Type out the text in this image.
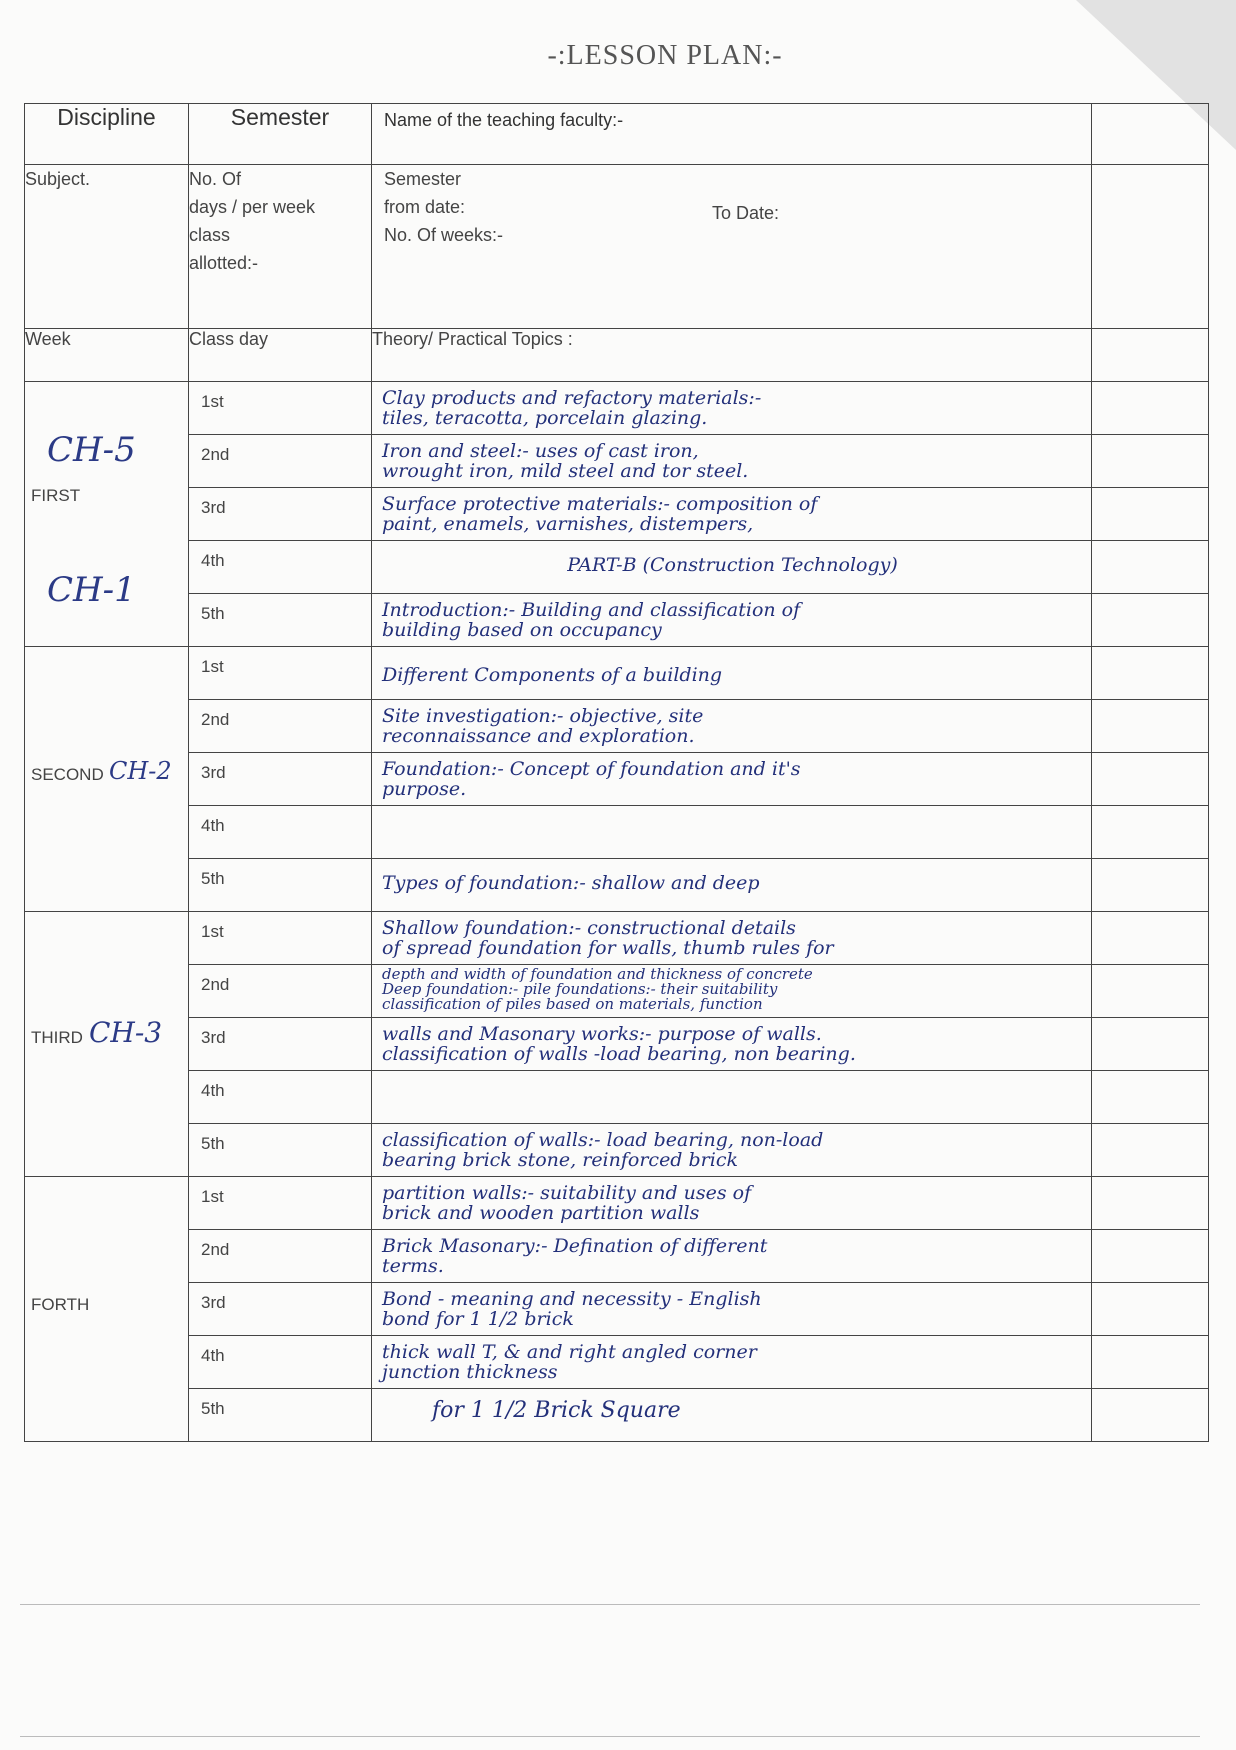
-:LESSON PLAN:-
Discipline	Semester	Name of the teaching faculty:-	
Subject.	No. Of
days / per week
class
allotted:-	Semester
from date:
No. Of weeks:-
To Date:	

Week	Class day	Theory/ Practical Topics :	

CH-5
FIRST
CH-1	1st	Clay products and refactory materials:-
tiles, teracotta, porcelain glazing.	

	2nd	Iron and steel:- uses of cast iron,
wrought iron, mild steel and tor steel.	

	3rd	Surface protective materials:- composition of
paint, enamels, varnishes, distempers,	

	4th	PART-B (Construction Technology)	

	5th	Introduction:- Building and classification of
building based on occupancy	

SECOND CH-2	1st	Different Components of a building	

	2nd	Site investigation:- objective, site
reconnaissance and exploration.	

	3rd	Foundation:- Concept of foundation and it's
purpose.	

	4th		

	5th	Types of foundation:- shallow and deep	

THIRD CH-3	1st	Shallow foundation:- constructional details
of spread foundation for walls, thumb rules for	

	2nd	depth and width of foundation and thickness of concrete
Deep foundation:- pile foundations:- their suitability
classification of piles based on materials, function	

	3rd	walls and Masonary works:- purpose of walls.
classification of walls -load bearing, non bearing.	

	4th		

	5th	classification of walls:- load bearing, non-load
bearing brick stone, reinforced brick	

FORTH	1st	partition walls:- suitability and uses of
brick and wooden partition walls	

	2nd	Brick Masonary:- Defination of different
terms.	

	3rd	Bond - meaning and necessity - English
bond for 1 1/2 brick	

	4th	thick wall T, & and right angled corner
junction thickness	

	5th	for 1 1/2 Brick Square	
